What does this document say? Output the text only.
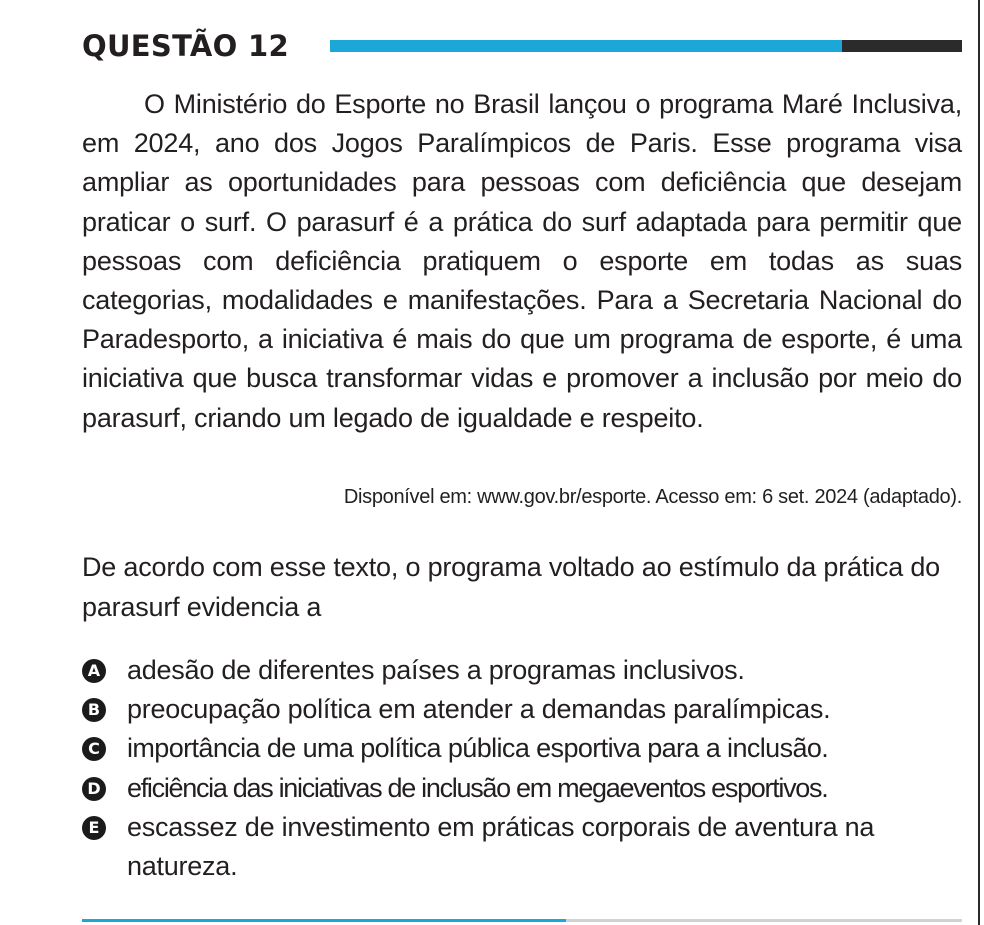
QUESTÃO 12

O Ministério do Esporte no Brasil lançou o programa Maré Inclusiva, em 2024, ano dos Jogos Paralímpicos de Paris. Esse programa visa ampliar as oportunidades para pessoas com deficiência que desejam praticar o surf. O parasurf é a prática do surf adaptada para permitir que pessoas com deficiência pratiquem o esporte em todas as suas categorias, modalidades e manifestações. Para a Secretaria Nacional do Paradesporto, a iniciativa é mais do que um programa de esporte, é uma iniciativa que busca transformar vidas e promover a inclusão por meio do parasurf, criando um legado de igualdade e respeito.

Disponível em: www.gov.br/esporte. Acesso em: 6 set. 2024 (adaptado).

De acordo com esse texto, o programa voltado ao estímulo da prática do parasurf evidencia a

A adesão de diferentes países a programas inclusivos.
B preocupação política em atender a demandas paralímpicas.
C importância de uma política pública esportiva para a inclusão.
D eficiência das iniciativas de inclusão em megaeventos esportivos.
E escassez de investimento em práticas corporais de aventura na natureza.
